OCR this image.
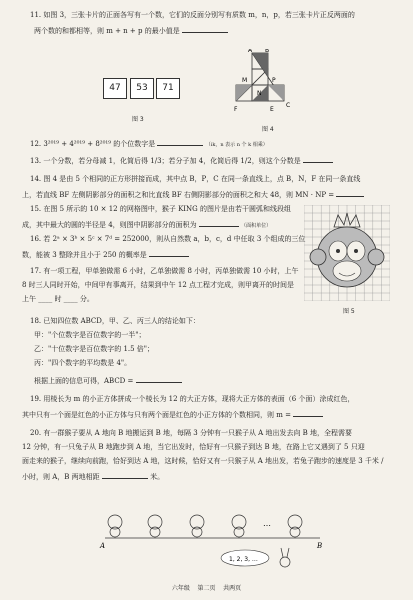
11. 如图 3，三张卡片的正面各写有一个数，它们的反面分别写有质数 m，n，p，若三张卡片正反两面的
两个数的和都相等，则 m + n + p 的最小值是
47	53	71
图 3
M
A B
N
C
P
F	E
图 4
12. 3²⁰¹⁹ + 4²⁰¹⁹ + 8²⁰¹⁹ 的个位数字是	（ik，n 表示 n 个 k 相乘）
13. 一个分数，若分母减 1，化简后得 1/3；若分子加 4，化简后得 1/2，则这个分数是
14. 图 4 是由 5 个相同的正方形拼接而成，其中点 B，P，C 在同一条直线上，点 B，N，F 在同一条直线
上，若直线 BF 左侧阴影部分的面积之和比直线 BF 右侧阴影部分的面积之和大 48，则 MN · NP =
15. 在图 5 所示的 10 × 12 的网格图中，猴子 KING 的图片是由若干圆弧和线段组
成，其中最大的圆的半径是 4，则图中阴影部分的面积为	（面积单位）
16. 若 2ᵃ × 3ᵇ × 5ᶜ × 7ᵈ = 252000，则从自然数 a，b，c，d 中任取 3 个组成的三位
数，能被 3 整除并且小于 250 的概率是
图 5
17. 有一项工程，甲单独做需 6 小时，乙单独做需 8 小时，丙单独做需 10 小时，上午
8 时三人同时开始，中间甲有事离开，结果到中午 12 点工程才完成，则甲离开的时间是
上午 ____ 时 ____ 分。
18. 已知四位数 ABCD，甲、乙、丙三人的结论如下：
甲："个位数字是百位数字的一半"；
乙："十位数字是百位数字的 1.5 倍"；
丙："四个数字的平均数是 4"。
根据上面的信息可得，ABCD =
19. 用棱长为 m 的小正方体拼成一个棱长为 12 的大正方体，现将大正方体的表面（6 个面）涂成红色，
其中只有一个面是红色的小正方体与只有两个面是红色的小正方体的个数相同，则 m =
20. 有一群猴子要从 A 地向 B 地搬运到 B 地，每隔 3 分钟有一只猴子从 A 地出发去向 B 地，全程需要
12 分钟，有一只兔子从 B 地跑步到 A 地，当它出发时，恰好有一只猴子到达 B 地，在路上它又遇到了 5 只迎
面走来的猴子，继续向前跑，恰好到达 A 地，这时候，恰好又有一只猴子从 A 地出发，若兔子跑步的速度是 3 千米 /
小时，则 A，B 两地相距	米。
…
A	B
1, 2, 3, …
六年级 第二页 共两页
